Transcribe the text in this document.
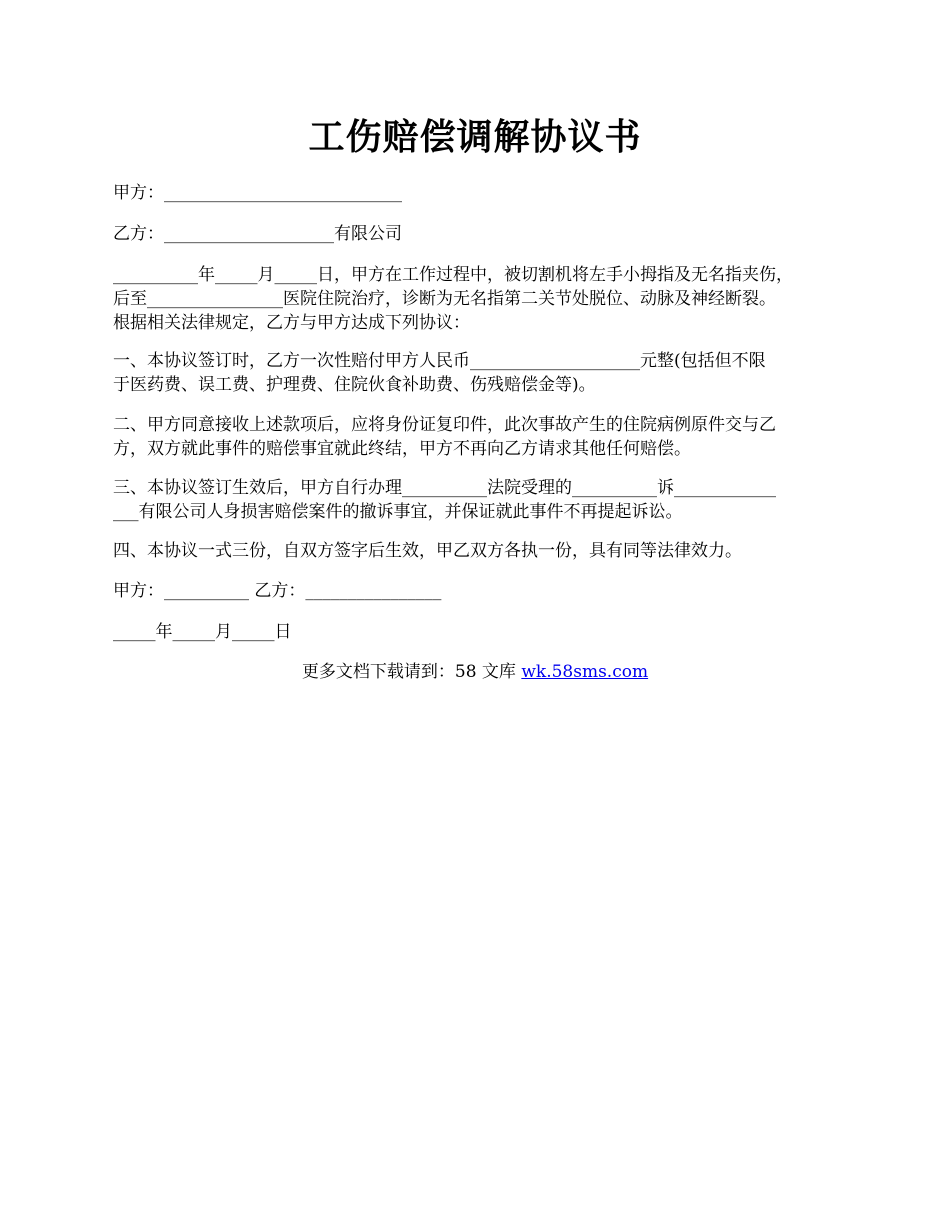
工伤赔偿调解协议书
甲方：____________________________
乙方：____________________有限公司
__________年_____月_____日，甲方在工作过程中，被切割机将左手小拇指及无名指夹伤，
后至________________医院住院治疗，诊断为无名指第二关节处脱位、动脉及神经断裂。
根据相关法律规定，乙方与甲方达成下列协议：
一、本协议签订时，乙方一次性赔付甲方人民币____________________元整(包括但不限
于医药费、误工费、护理费、住院伙食补助费、伤残赔偿金等)。
二、甲方同意接收上述款项后，应将身份证复印件，此次事故产生的住院病例原件交与乙
方，双方就此事件的赔偿事宜就此终结，甲方不再向乙方请求其他任何赔偿。
三、本协议签订生效后，甲方自行办理__________法院受理的__________诉____________
___有限公司人身损害赔偿案件的撤诉事宜，并保证就此事件不再提起诉讼。
四、本协议一式三份，自双方签字后生效，甲乙双方各执一份，具有同等法律效力。
甲方：__________ 乙方：________________
_____年_____月_____日
更多文档下载请到：58 文库 wk.58sms.com
